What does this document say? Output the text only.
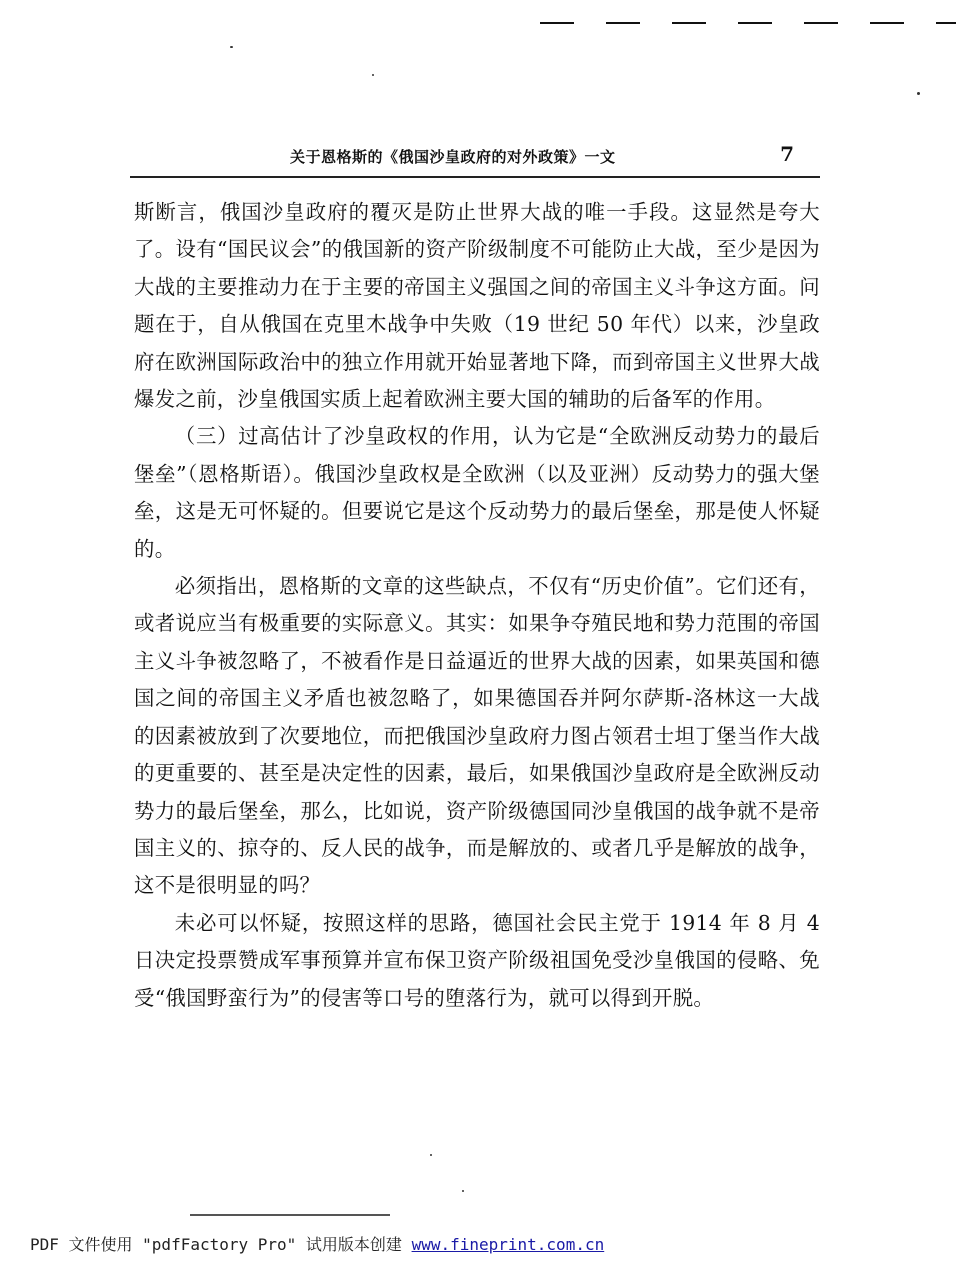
关于恩格斯的《俄国沙皇政府的对外政策》一文	7

斯断言，俄国沙皇政府的覆灭是防止世界大战的唯一手段。这显然是夸大了。设有“国民议会”的俄国新的资产阶级制度不可能防止大战，至少是因为大战的主要推动力在于主要的帝国主义强国之间的帝国主义斗争这方面。问题在于，自从俄国在克里木战争中失败（19 世纪 50 年代）以来，沙皇政府在欧洲国际政治中的独立作用就开始显著地下降，而到帝国主义世界大战爆发之前，沙皇俄国实质上起着欧洲主要大国的辅助的后备军的作用。

（三）过高估计了沙皇政权的作用，认为它是“全欧洲反动势力的最后堡垒”（恩格斯语）。俄国沙皇政权是全欧洲（以及亚洲）反动势力的强大堡垒，这是无可怀疑的。但要说它是这个反动势力的最后堡垒，那是使人怀疑的。

必须指出，恩格斯的文章的这些缺点，不仅有“历史价值”。它们还有，或者说应当有极重要的实际意义。其实：如果争夺殖民地和势力范围的帝国主义斗争被忽略了，不被看作是日益逼近的世界大战的因素，如果英国和德国之间的帝国主义矛盾也被忽略了，如果德国吞并阿尔萨斯-洛林这一大战的因素被放到了次要地位，而把俄国沙皇政府力图占领君士坦丁堡当作大战的更重要的、甚至是决定性的因素，最后，如果俄国沙皇政府是全欧洲反动势力的最后堡垒，那么，比如说，资产阶级德国同沙皇俄国的战争就不是帝国主义的、掠夺的、反人民的战争，而是解放的、或者几乎是解放的战争，这不是很明显的吗？

未必可以怀疑，按照这样的思路，德国社会民主党于 1914 年 8 月 4 日决定投票赞成军事预算并宣布保卫资产阶级祖国免受沙皇俄国的侵略、免受“俄国野蛮行为”的侵害等口号的堕落行为，就可以得到开脱。

PDF 文件使用 "pdfFactory Pro" 试用版本创建 www.fineprint.com.cn
